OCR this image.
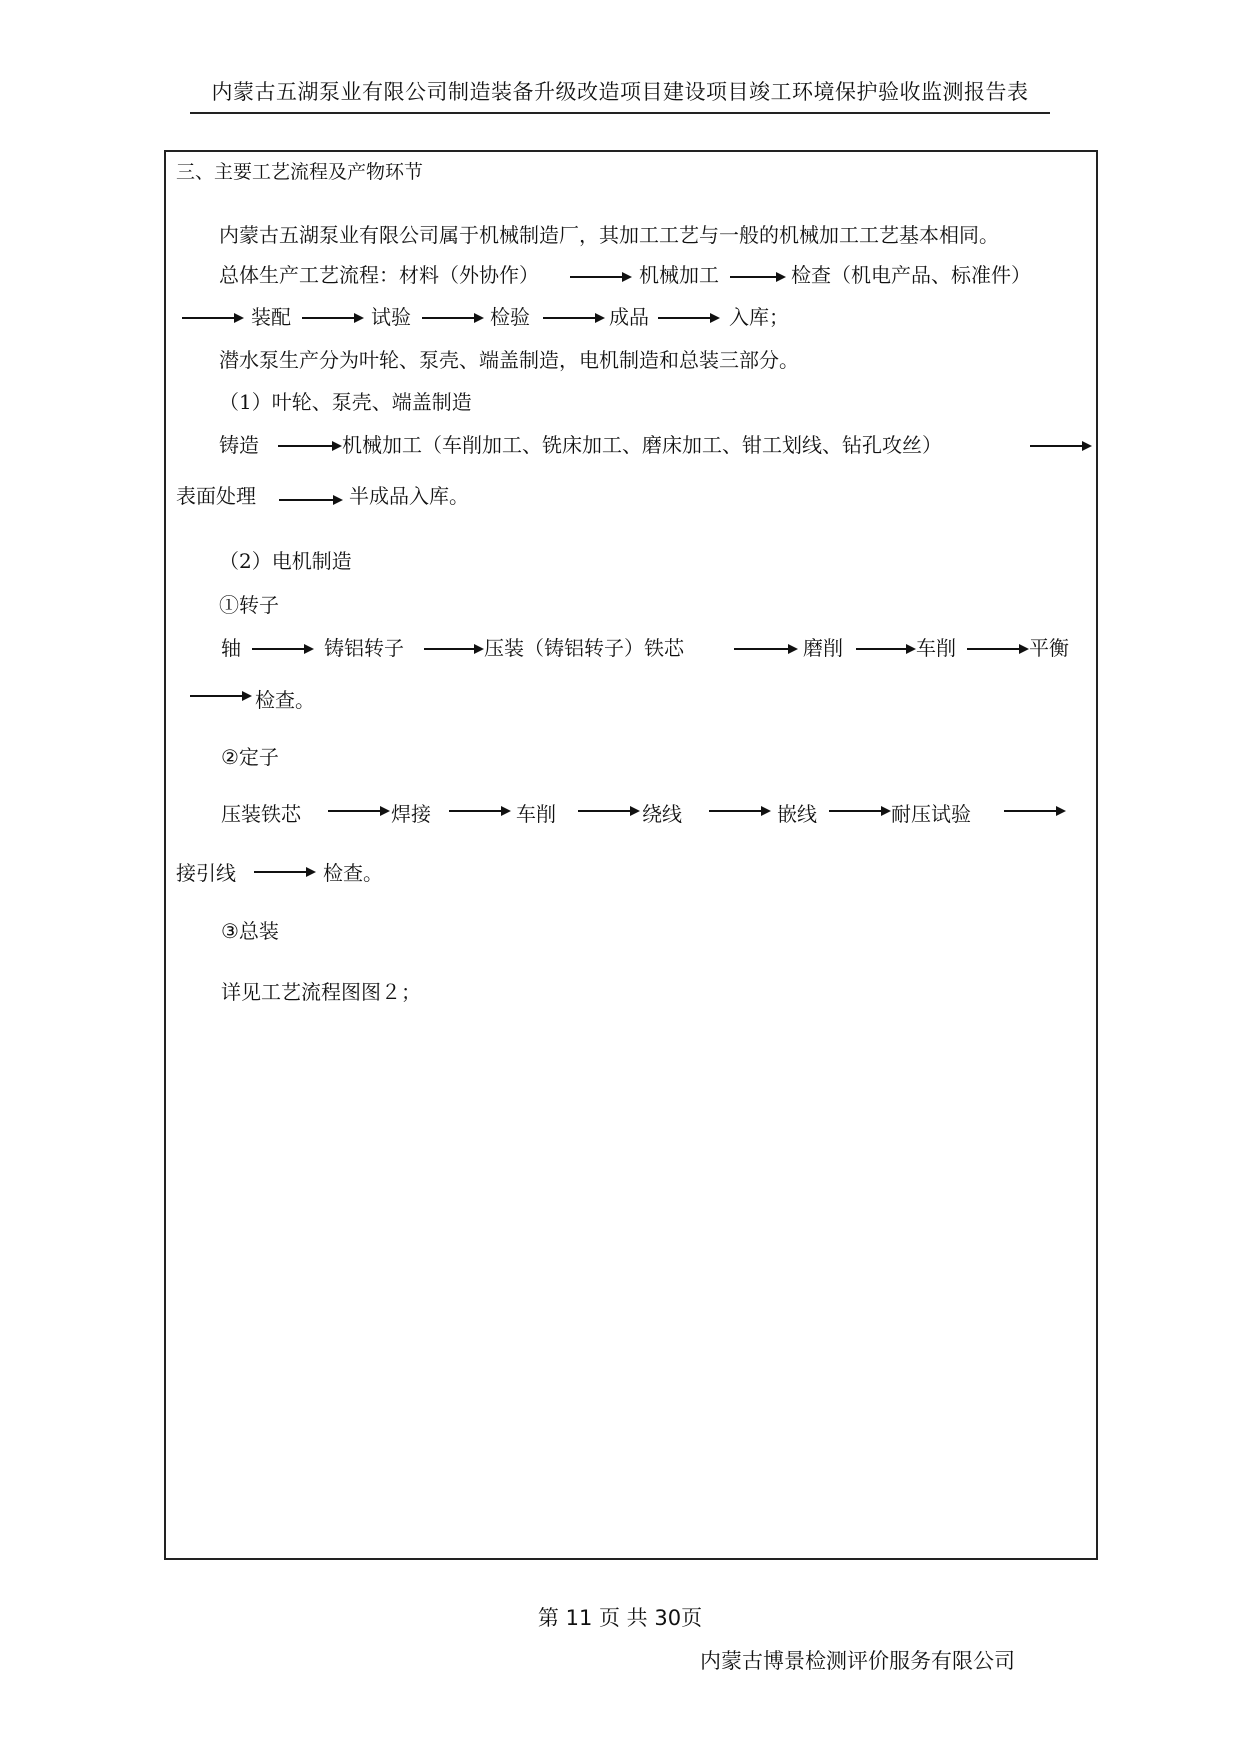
内蒙古五湖泵业有限公司制造装备升级改造项目建设项目竣工环境保护验收监测报告表
三、主要工艺流程及产物环节
内蒙古五湖泵业有限公司属于机械制造厂，其加工工艺与一般的机械加工工艺基本相同。
总体生产工艺流程：材料（外协作）	机械加工	检查（机电产品、标准件）
装配	试验	检验	成品	入库；
潜水泵生产分为叶轮、泵壳、端盖制造，电机制造和总装三部分。
（1）叶轮、泵壳、端盖制造
铸造	机械加工（车削加工、铣床加工、磨床加工、钳工划线、钻孔攻丝）
表面处理	半成品入库。
（2）电机制造
①转子
轴	铸铝转子	压装（铸铝转子）铁芯	磨削	车削	平衡
检查。
②定子
压装铁芯	焊接	车削	绕线	嵌线	耐压试验
接引线	检查。
③总装
详见工艺流程图图２；
第 11 页 共 30页
内蒙古博景检测评价服务有限公司
